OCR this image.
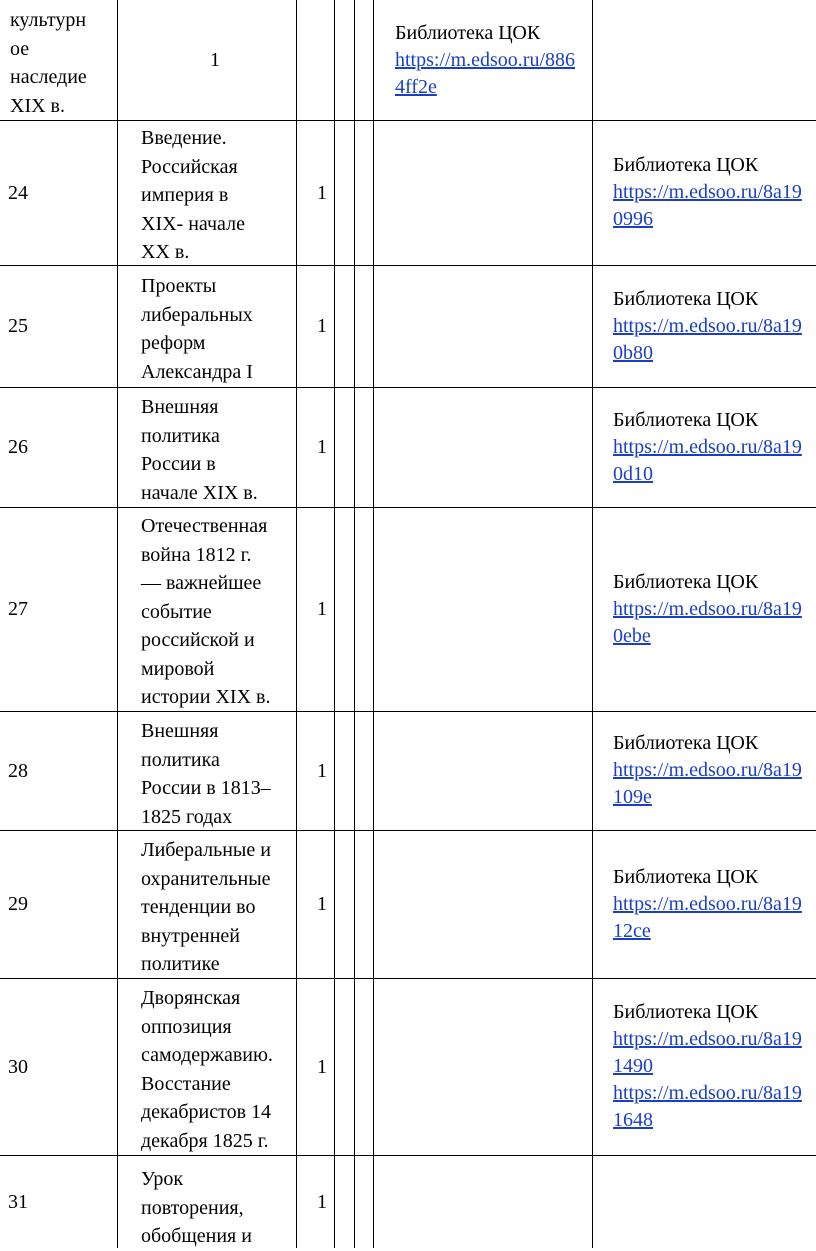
культурн
ое
наследие
XIX в.
1
Библиотека ЦОК
https://m.edsoo.ru/886
4ff2e
24
Введение.
Российская
империя в
XIX- начале
XX в.
1
Библиотека ЦОК
https://m.edsoo.ru/8a19
0996
25
Проекты
либеральных
реформ
Александра I
1
Библиотека ЦОК
https://m.edsoo.ru/8a19
0b80
26
Внешняя
политика
России в
начале XIX в.
1
Библиотека ЦОК
https://m.edsoo.ru/8a19
0d10
27
Отечественная
война 1812 г.
— важнейшее
событие
российской и
мировой
истории XIX в.
1
Библиотека ЦОК
https://m.edsoo.ru/8a19
0ebe
28
Внешняя
политика
России в 1813–
1825 годах
1
Библиотека ЦОК
https://m.edsoo.ru/8a19
109e
29
Либеральные и
охранительные
тенденции во
внутренней
политике
1
Библиотека ЦОК
https://m.edsoo.ru/8a19
12ce
30
Дворянская
оппозиция
самодержавию.
Восстание
декабристов 14
декабря 1825 г.
1
Библиотека ЦОК
https://m.edsoo.ru/8a19
1490
https://m.edsoo.ru/8a19
1648
31
Урок
повторения,
обобщения и
1
